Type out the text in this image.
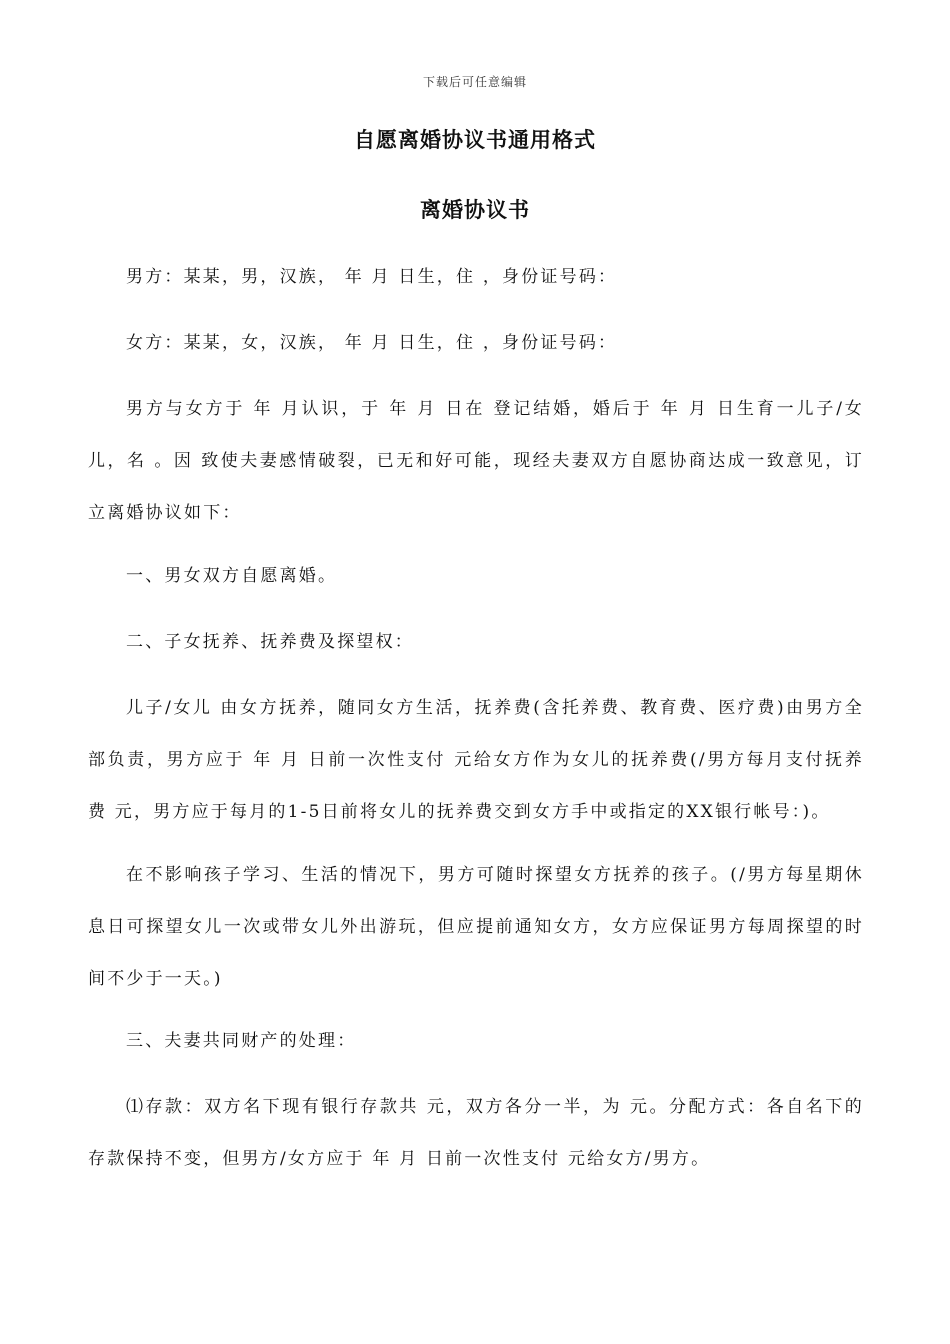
下载后可任意编辑
自愿离婚协议书通用格式
离婚协议书

男方：某某，男，汉族， 年 月 日生，住 ，身份证号码：

女方：某某，女，汉族， 年 月 日生，住 ，身份证号码：

男方与女方于 年 月认识，于 年 月 日在 登记结婚，婚后于 年 月 日生育一儿子/女儿，名 。因 致使夫妻感情破裂，已无和好可能，现经夫妻双方自愿协商达成一致意见，订立离婚协议如下：

一、男女双方自愿离婚。

二、子女抚养、抚养费及探望权：

儿子/女儿 由女方抚养，随同女方生活，抚养费(含托养费、教育费、医疗费)由男方全部负责，男方应于 年 月 日前一次性支付 元给女方作为女儿的抚养费(/男方每月支付抚养费 元，男方应于每月的1-5日前将女儿的抚养费交到女方手中或指定的XX银行帐号：)。

在不影响孩子学习、生活的情况下，男方可随时探望女方抚养的孩子。(/男方每星期休息日可探望女儿一次或带女儿外出游玩，但应提前通知女方，女方应保证男方每周探望的时间不少于一天。)

三、夫妻共同财产的处理：

⑴存款：双方名下现有银行存款共 元，双方各分一半，为 元。分配方式：各自名下的存款保持不变，但男方/女方应于 年 月 日前一次性支付 元给女方/男方。
